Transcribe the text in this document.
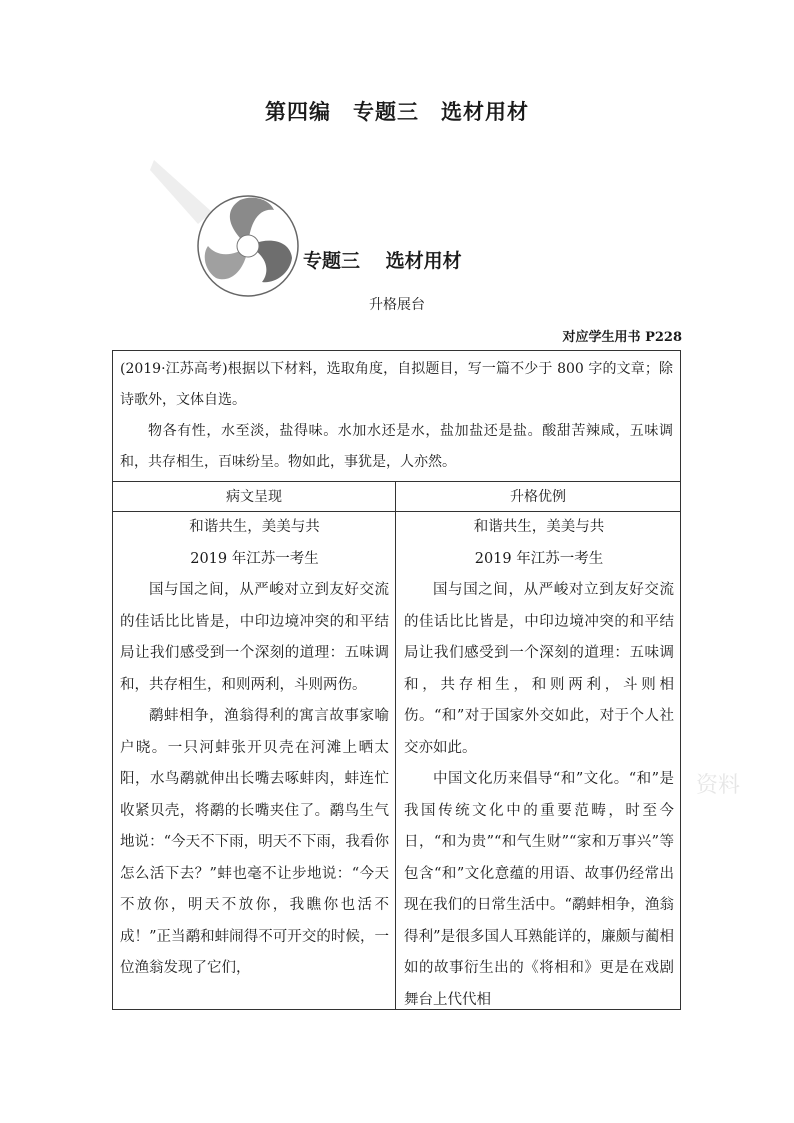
第四编　专题三　选材用材
专题三　 选材用材
升格展台
对应学生用书 P228

(2019·江苏高考)根据以下材料，选取角度，自拟题目，写一篇不少于 800 字的文章；除诗歌外，文体自选。

物各有性，水至淡，盐得味。水加水还是水，盐加盐还是盐。酸甜苦辣咸，五味调和，共存相生，百味纷呈。物如此，事犹是，人亦然。

病文呈现	升格优例

和谐共生，美美与共

2019 年江苏一考生

国与国之间，从严峻对立到友好交流的佳话比比皆是，中印边境冲突的和平结局让我们感受到一个深刻的道理：五味调和，共存相生，和则两利，斗则两伤。

鹬蚌相争，渔翁得利的寓言故事家喻户晓。一只河蚌张开贝壳在河滩上晒太阳，水鸟鹬就伸出长嘴去啄蚌肉，蚌连忙收紧贝壳，将鹬的长嘴夹住了。鹬鸟生气地说：“今天不下雨，明天不下雨，我看你怎么活下去？”蚌也毫不让步地说：“今天不放你，明天不放你，我瞧你也活不成！”正当鹬和蚌闹得不可开交的时候，一位渔翁发现了它们，

和谐共生，美美与共

2019 年江苏一考生

国与国之间，从严峻对立到友好交流的佳话比比皆是，中印边境冲突的和平结局让我们感受到一个深刻的道理：五味调和，共存相生，和则两利，斗则相伤。“和”对于国家外交如此，对于个人社交亦如此。

中国文化历来倡导“和”文化。“和”是我国传统文化中的重要范畴，时至今日，“和为贵”“和气生财”“家和万事兴”等包含“和”文化意蕴的用语、故事仍经常出现在我们的日常生活中。“鹬蚌相争，渔翁得利”是很多国人耳熟能详的，廉颇与蔺相如的故事衍生出的《将相和》更是在戏剧舞台上代代相

资料
